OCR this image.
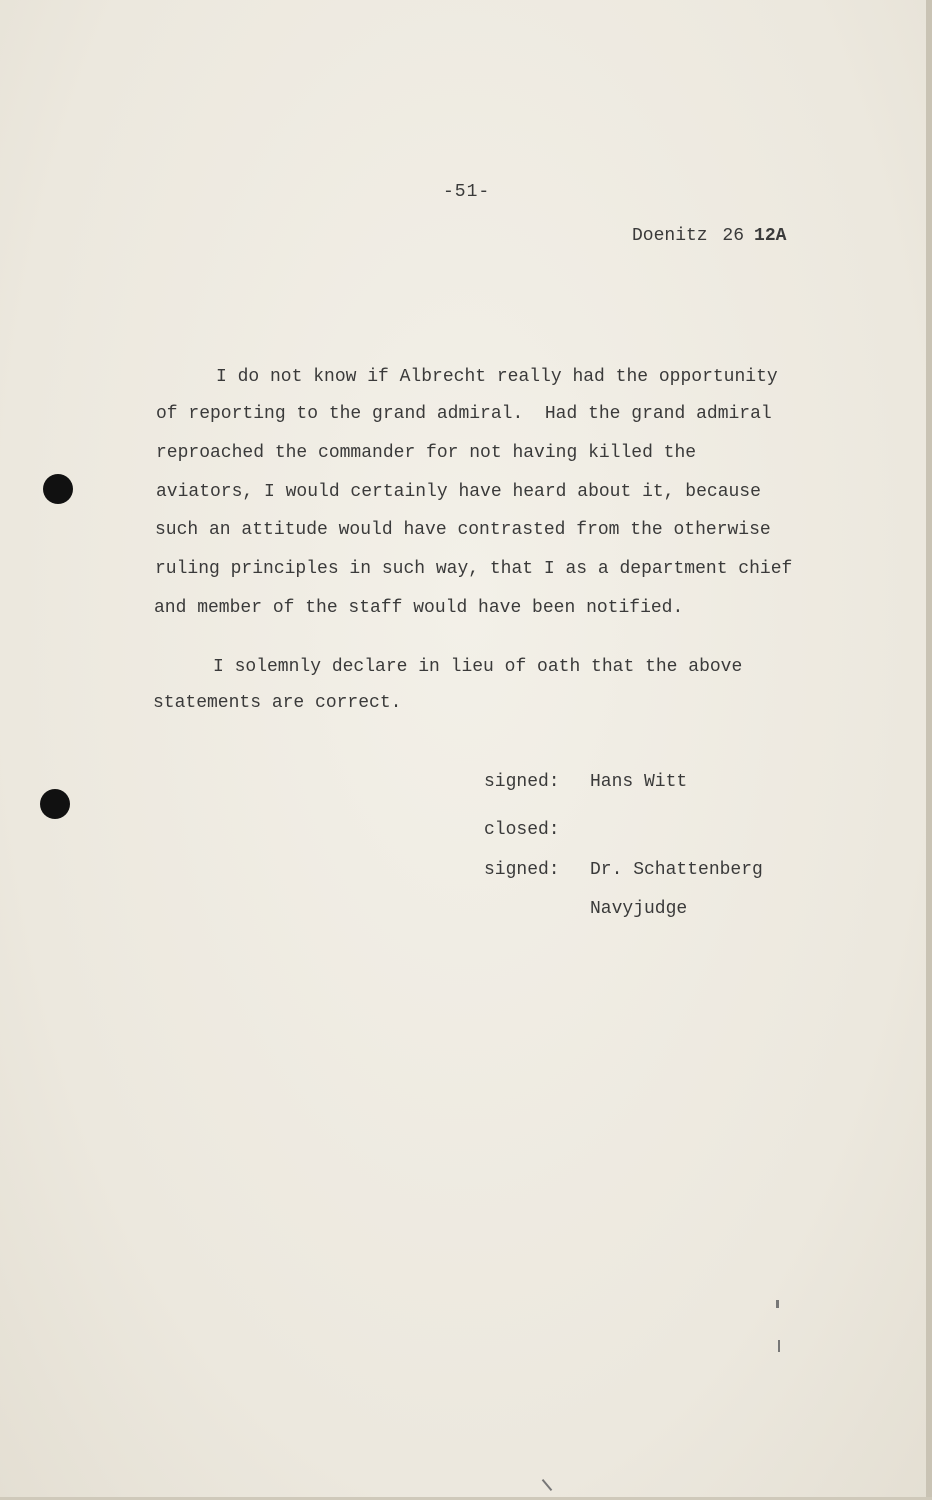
-51-
Doenitz 26 12A
I do not know if Albrecht really had the opportunity
of reporting to the grand admiral.  Had the grand admiral
reproached the commander for not having killed the
aviators, I would certainly have heard about it, because
such an attitude would have contrasted from the otherwise
ruling principles in such way, that I as a department chief
and member of the staff would have been notified.
I solemnly declare in lieu of oath that the above
statements are correct.
signed: Hans Witt
closed:
signed: Dr. Schattenberg
Navyjudge
